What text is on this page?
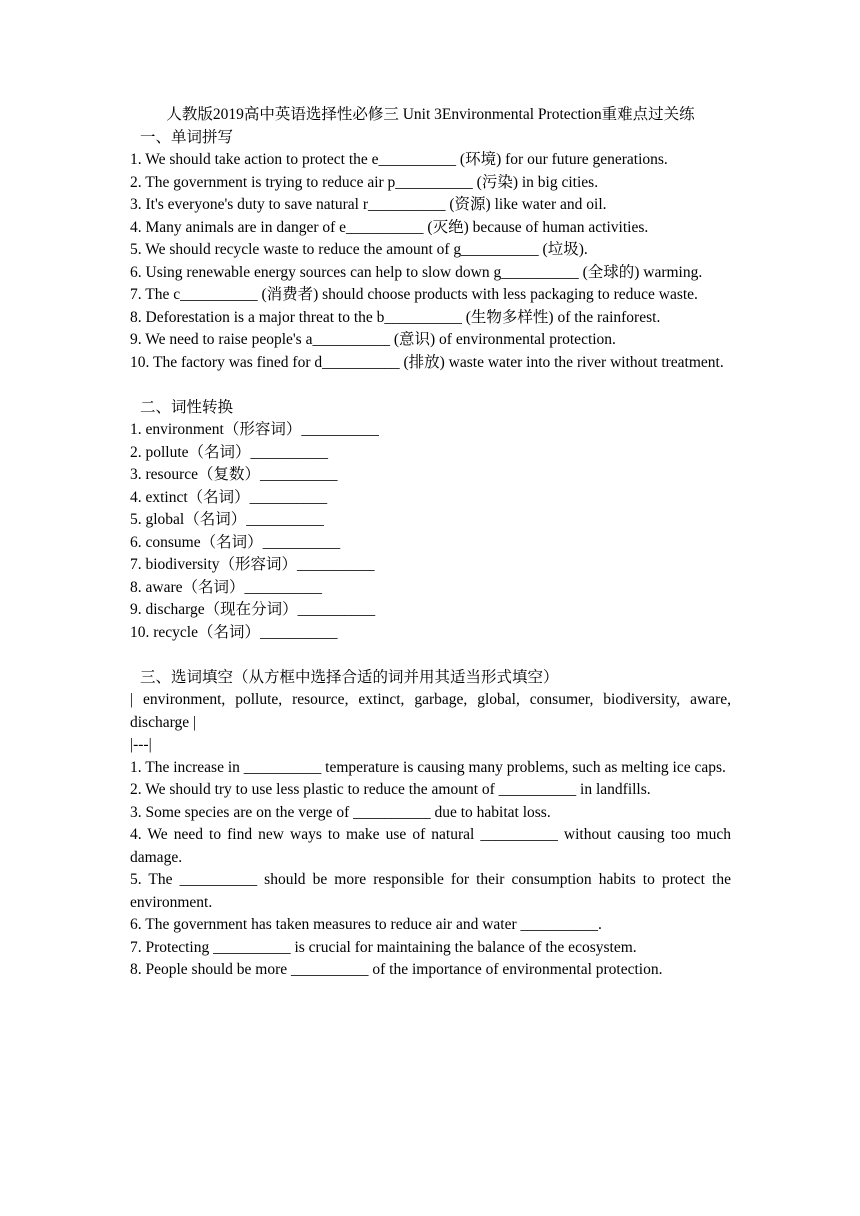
人教版2019高中英语选择性必修三 Unit 3Environmental Protection重难点过关练

一、单词拼写

1. We should take action to protect the e__________ (环境) for our future generations.

2. The government is trying to reduce air p__________ (污染) in big cities.

3. It's everyone's duty to save natural r__________ (资源) like water and oil.

4. Many animals are in danger of e__________ (灭绝) because of human activities.

5. We should recycle waste to reduce the amount of g__________ (垃圾).

6. Using renewable energy sources can help to slow down g__________ (全球的) warming.

7. The c__________ (消费者) should choose products with less packaging to reduce waste.

8. Deforestation is a major threat to the b__________ (生物多样性) of the rainforest.

9. We need to raise people's a__________ (意识) of environmental protection.

10. The factory was fined for d__________ (排放) waste water into the river without treatment.

二、词性转换

1. environment（形容词）__________

2. pollute（名词）__________

3. resource（复数）__________

4. extinct（名词）__________

5. global（名词）__________

6. consume（名词）__________

7. biodiversity（形容词）__________

8. aware（名词）__________

9. discharge（现在分词）__________

10. recycle（名词）__________

三、选词填空（从方框中选择合适的词并用其适当形式填空）

| environment, pollute, resource, extinct, garbage, global, consumer, biodiversity, aware, discharge |

|---|

1. The increase in __________ temperature is causing many problems, such as melting ice caps.

2. We should try to use less plastic to reduce the amount of __________ in landfills.

3. Some species are on the verge of __________ due to habitat loss.

4. We need to find new ways to make use of natural __________ without causing too much damage.

5. The __________ should be more responsible for their consumption habits to protect the environment.

6. The government has taken measures to reduce air and water __________.

7. Protecting __________ is crucial for maintaining the balance of the ecosystem.

8. People should be more __________ of the importance of environmental protection.
